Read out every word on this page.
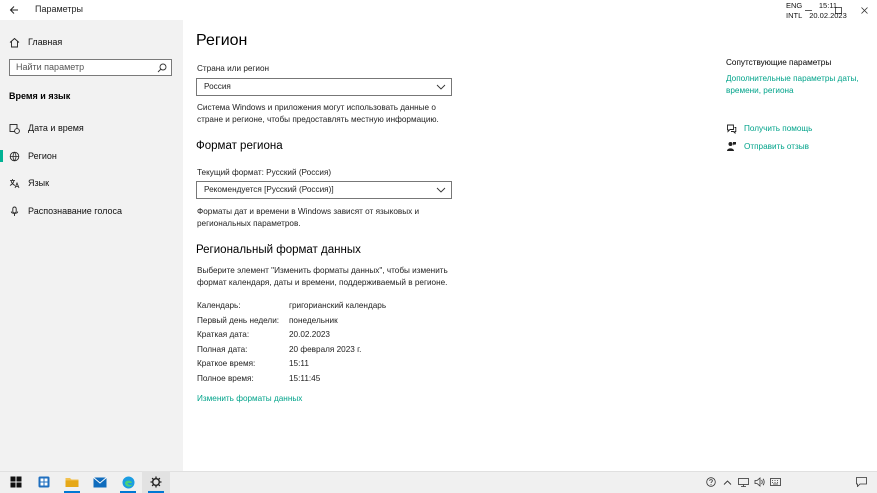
Параметры
Главная
Найти параметр
Время и язык
Дата и время
Регион
Язык
Распознавание голоса
Регион
Страна или регион
Россия
Система Windows и приложения могут использовать данные о
стране и регионе, чтобы предоставлять местную информацию.
Формат региона
Текущий формат: Русский (Россия)
Рекомендуется [Русский (Россия)]
Форматы дат и времени в Windows зависят от языковых и
региональных параметров.
Региональный формат данных
Выберите элемент "Изменить форматы данных", чтобы изменить
формат календаря, даты и времени, поддерживаемый в регионе.
Календарь:	григорианский календарь
Первый день недели: понедельник
Краткая дата:	20.02.2023
Полная дата:	20 февраля 2023 г.
Краткое время:	15:11
Полное время:	15:11:45
Изменить форматы данных
Сопутствующие параметры
Дополнительные параметры даты,
времени, региона
Получить помощь
Отправить отзыв
ENG
INTL
15:11
20.02.2023
